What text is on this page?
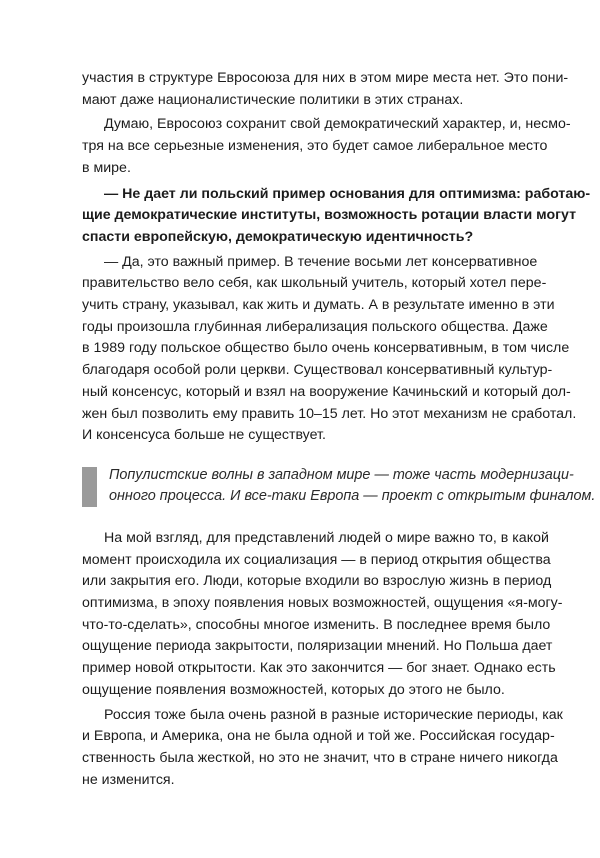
участия в структуре Евросоюза для них в этом мире места нет. Это пони-
мают даже националистические политики в этих странах.
Думаю, Евросоюз сохранит свой демократический характер, и, несмо-
тря на все серьезные изменения, это будет самое либеральное место
в мире.
— Не дает ли польский пример основания для оптимизма: работаю-
щие демократические институты, возможность ротации власти могут
спасти европейскую, демократическую идентичность?
— Да, это важный пример. В течение восьми лет консервативное
правительство вело себя, как школьный учитель, который хотел пере-
учить страну, указывал, как жить и думать. А в результате именно в эти
годы произошла глубинная либерализация польского общества. Даже
в 1989 году польское общество было очень консервативным, в том числе
благодаря особой роли церкви. Существовал консервативный культур-
ный консенсус, который и взял на вооружение Качиньский и который дол-
жен был позволить ему править 10–15 лет. Но этот механизм не сработал.
И консенсуса больше не существует.
Популистские волны в западном мире — тоже часть модернизаци-
онного процесса. И все-таки Европа — проект с открытым финалом.
На мой взгляд, для представлений людей о мире важно то, в какой
момент происходила их социализация — в период открытия общества
или закрытия его. Люди, которые входили во взрослую жизнь в период
оптимизма, в эпоху появления новых возможностей, ощущения «я-могу-
что-то-сделать», способны многое изменить. В последнее время было
ощущение периода закрытости, поляризации мнений. Но Польша дает
пример новой открытости. Как это закончится — бог знает. Однако есть
ощущение появления возможностей, которых до этого не было.
Россия тоже была очень разной в разные исторические периоды, как
и Европа, и Америка, она не была одной и той же. Российская государ-
ственность была жесткой, но это не значит, что в стране ничего никогда
не изменится.
